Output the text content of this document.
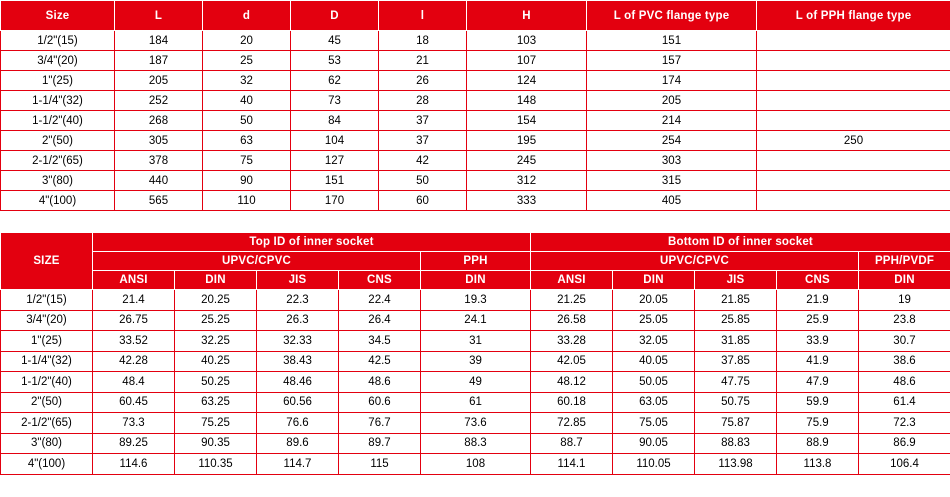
Size	L	d	D	l	H	L of PVC flange type	L of PPH flange type
1/2"(15)	184	20	45	18	103	151	
3/4"(20)	187	25	53	21	107	157	
1"(25)	205	32	62	26	124	174	
1-1/4"(32)	252	40	73	28	148	205	
1-1/2"(40)	268	50	84	37	154	214	
2"(50)	305	63	104	37	195	254	250
2-1/2"(65)	378	75	127	42	245	303	
3"(80)	440	90	151	50	312	315	
4"(100)	565	110	170	60	333	405	
SIZE	Top ID of inner socket					Bottom ID of inner socket				
	UPVC/CPVC				PPH	UPVC/CPVC				PPH/PVDF
	ANSI	DIN	JIS	CNS	DIN	ANSI	DIN	JIS	CNS	DIN
1/2"(15)	21.4	20.25	22.3	22.4	19.3	21.25	20.05	21.85	21.9	19
3/4"(20)	26.75	25.25	26.3	26.4	24.1	26.58	25.05	25.85	25.9	23.8
1"(25)	33.52	32.25	32.33	34.5	31	33.28	32.05	31.85	33.9	30.7
1-1/4"(32)	42.28	40.25	38.43	42.5	39	42.05	40.05	37.85	41.9	38.6
1-1/2"(40)	48.4	50.25	48.46	48.6	49	48.12	50.05	47.75	47.9	48.6
2"(50)	60.45	63.25	60.56	60.6	61	60.18	63.05	50.75	59.9	61.4
2-1/2"(65)	73.3	75.25	76.6	76.7	73.6	72.85	75.05	75.87	75.9	72.3
3"(80)	89.25	90.35	89.6	89.7	88.3	88.7	90.05	88.83	88.9	86.9
4"(100)	114.6	110.35	114.7	115	108	114.1	110.05	113.98	113.8	106.4
